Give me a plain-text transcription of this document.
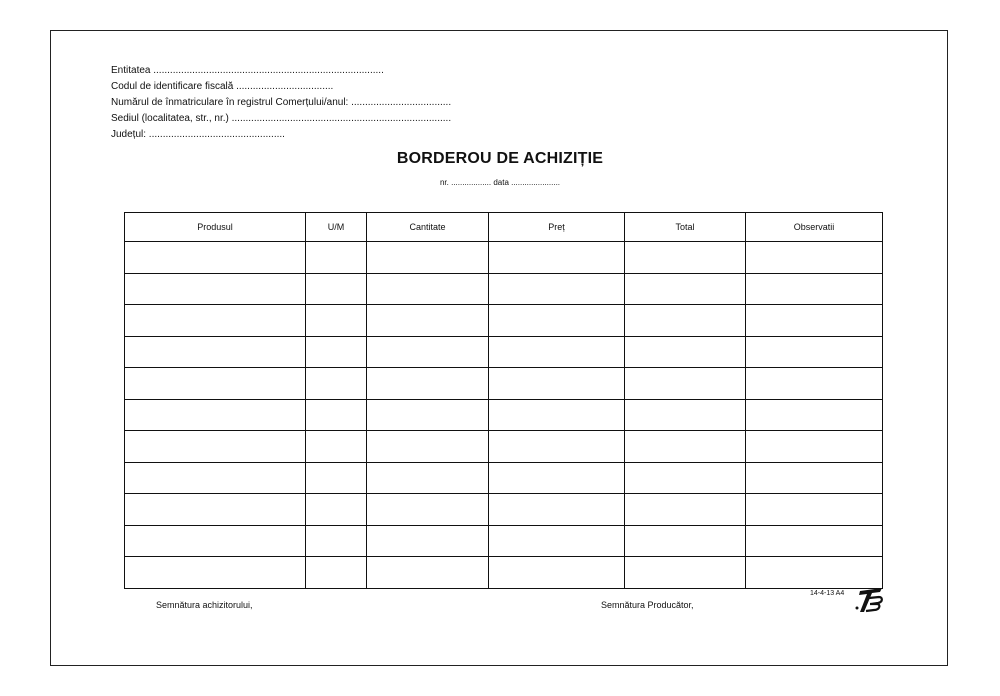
Entitatea ...................................................................................
Codul de identificare fiscală ...................................
Numărul de înmatriculare în registrul Comerțului/anul: ....................................
Sediul (localitatea, str., nr.) ...............................................................................
Județul: .................................................
BORDEROU DE ACHIZIȚIE
nr. .................. data ......................
Produsul	U/M	Cantitate	Preț	Total	Observatii

Semnătura achizitorului,	Semnătura Producător,
14-4-13 A4
